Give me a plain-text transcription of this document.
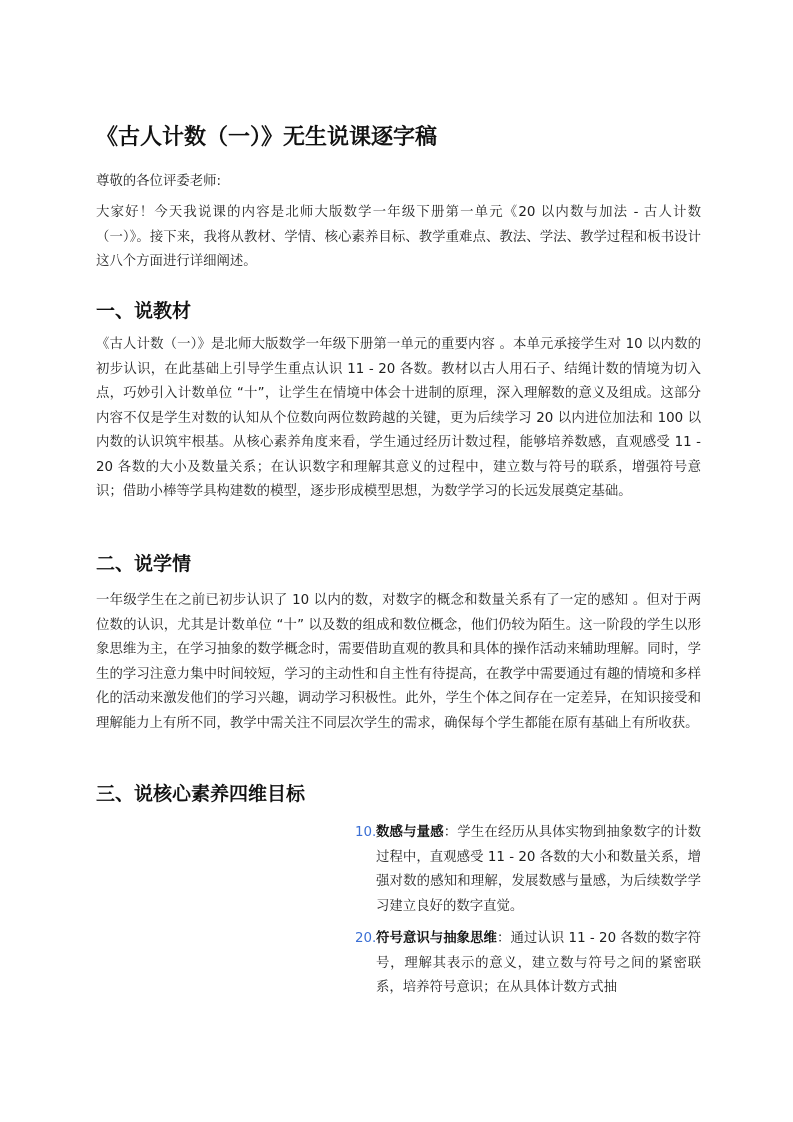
《古人计数（一）》无生说课逐字稿

尊敬的各位评委老师:

大家好！今天我说课的内容是北师大版数学一年级下册第一单元《20 以内数与加法 - 古人计数（一）》。接下来，我将从教材、学情、核心素养目标、教学重难点、教法、学法、教学过程和板书设计这八个方面进行详细阐述。

一、说教材

《古人计数（一）》是北师大版数学一年级下册第一单元的重要内容 。本单元承接学生对 10 以内数的初步认识，在此基础上引导学生重点认识 11 - 20 各数。教材以古人用石子、结绳计数的情境为切入点，巧妙引入计数单位 “十”，让学生在情境中体会十进制的原理，深入理解数的意义及组成。这部分内容不仅是学生对数的认知从个位数向两位数跨越的关键，更为后续学习 20 以内进位加法和 100 以内数的认识筑牢根基。从核心素养角度来看，学生通过经历计数过程，能够培养数感，直观感受 11 - 20 各数的大小及数量关系；在认识数字和理解其意义的过程中，建立数与符号的联系，增强符号意识；借助小棒等学具构建数的模型，逐步形成模型思想，为数学学习的长远发展奠定基础。

二、说学情

一年级学生在之前已初步认识了 10 以内的数，对数字的概念和数量关系有了一定的感知 。但对于两位数的认识，尤其是计数单位 “十” 以及数的组成和数位概念，他们仍较为陌生。这一阶段的学生以形象思维为主，在学习抽象的数学概念时，需要借助直观的教具和具体的操作活动来辅助理解。同时，学生的学习注意力集中时间较短，学习的主动性和自主性有待提高，在教学中需要通过有趣的情境和多样化的活动来激发他们的学习兴趣，调动学习积极性。此外，学生个体之间存在一定差异，在知识接受和理解能力上有所不同，教学中需关注不同层次学生的需求，确保每个学生都能在原有基础上有所收获。

三、说核心素养四维目标
10. 数感与量感：学生在经历从具体实物到抽象数字的计数过程中，直观感受 11 - 20 各数的大小和数量关系，增强对数的感知和理解，发展数感与量感，为后续数学学习建立良好的数字直觉。
20. 符号意识与抽象思维：通过认识 11 - 20 各数的数字符号，理解其表示的意义，建立数与符号之间的紧密联系，培养符号意识；在从具体计数方式抽
